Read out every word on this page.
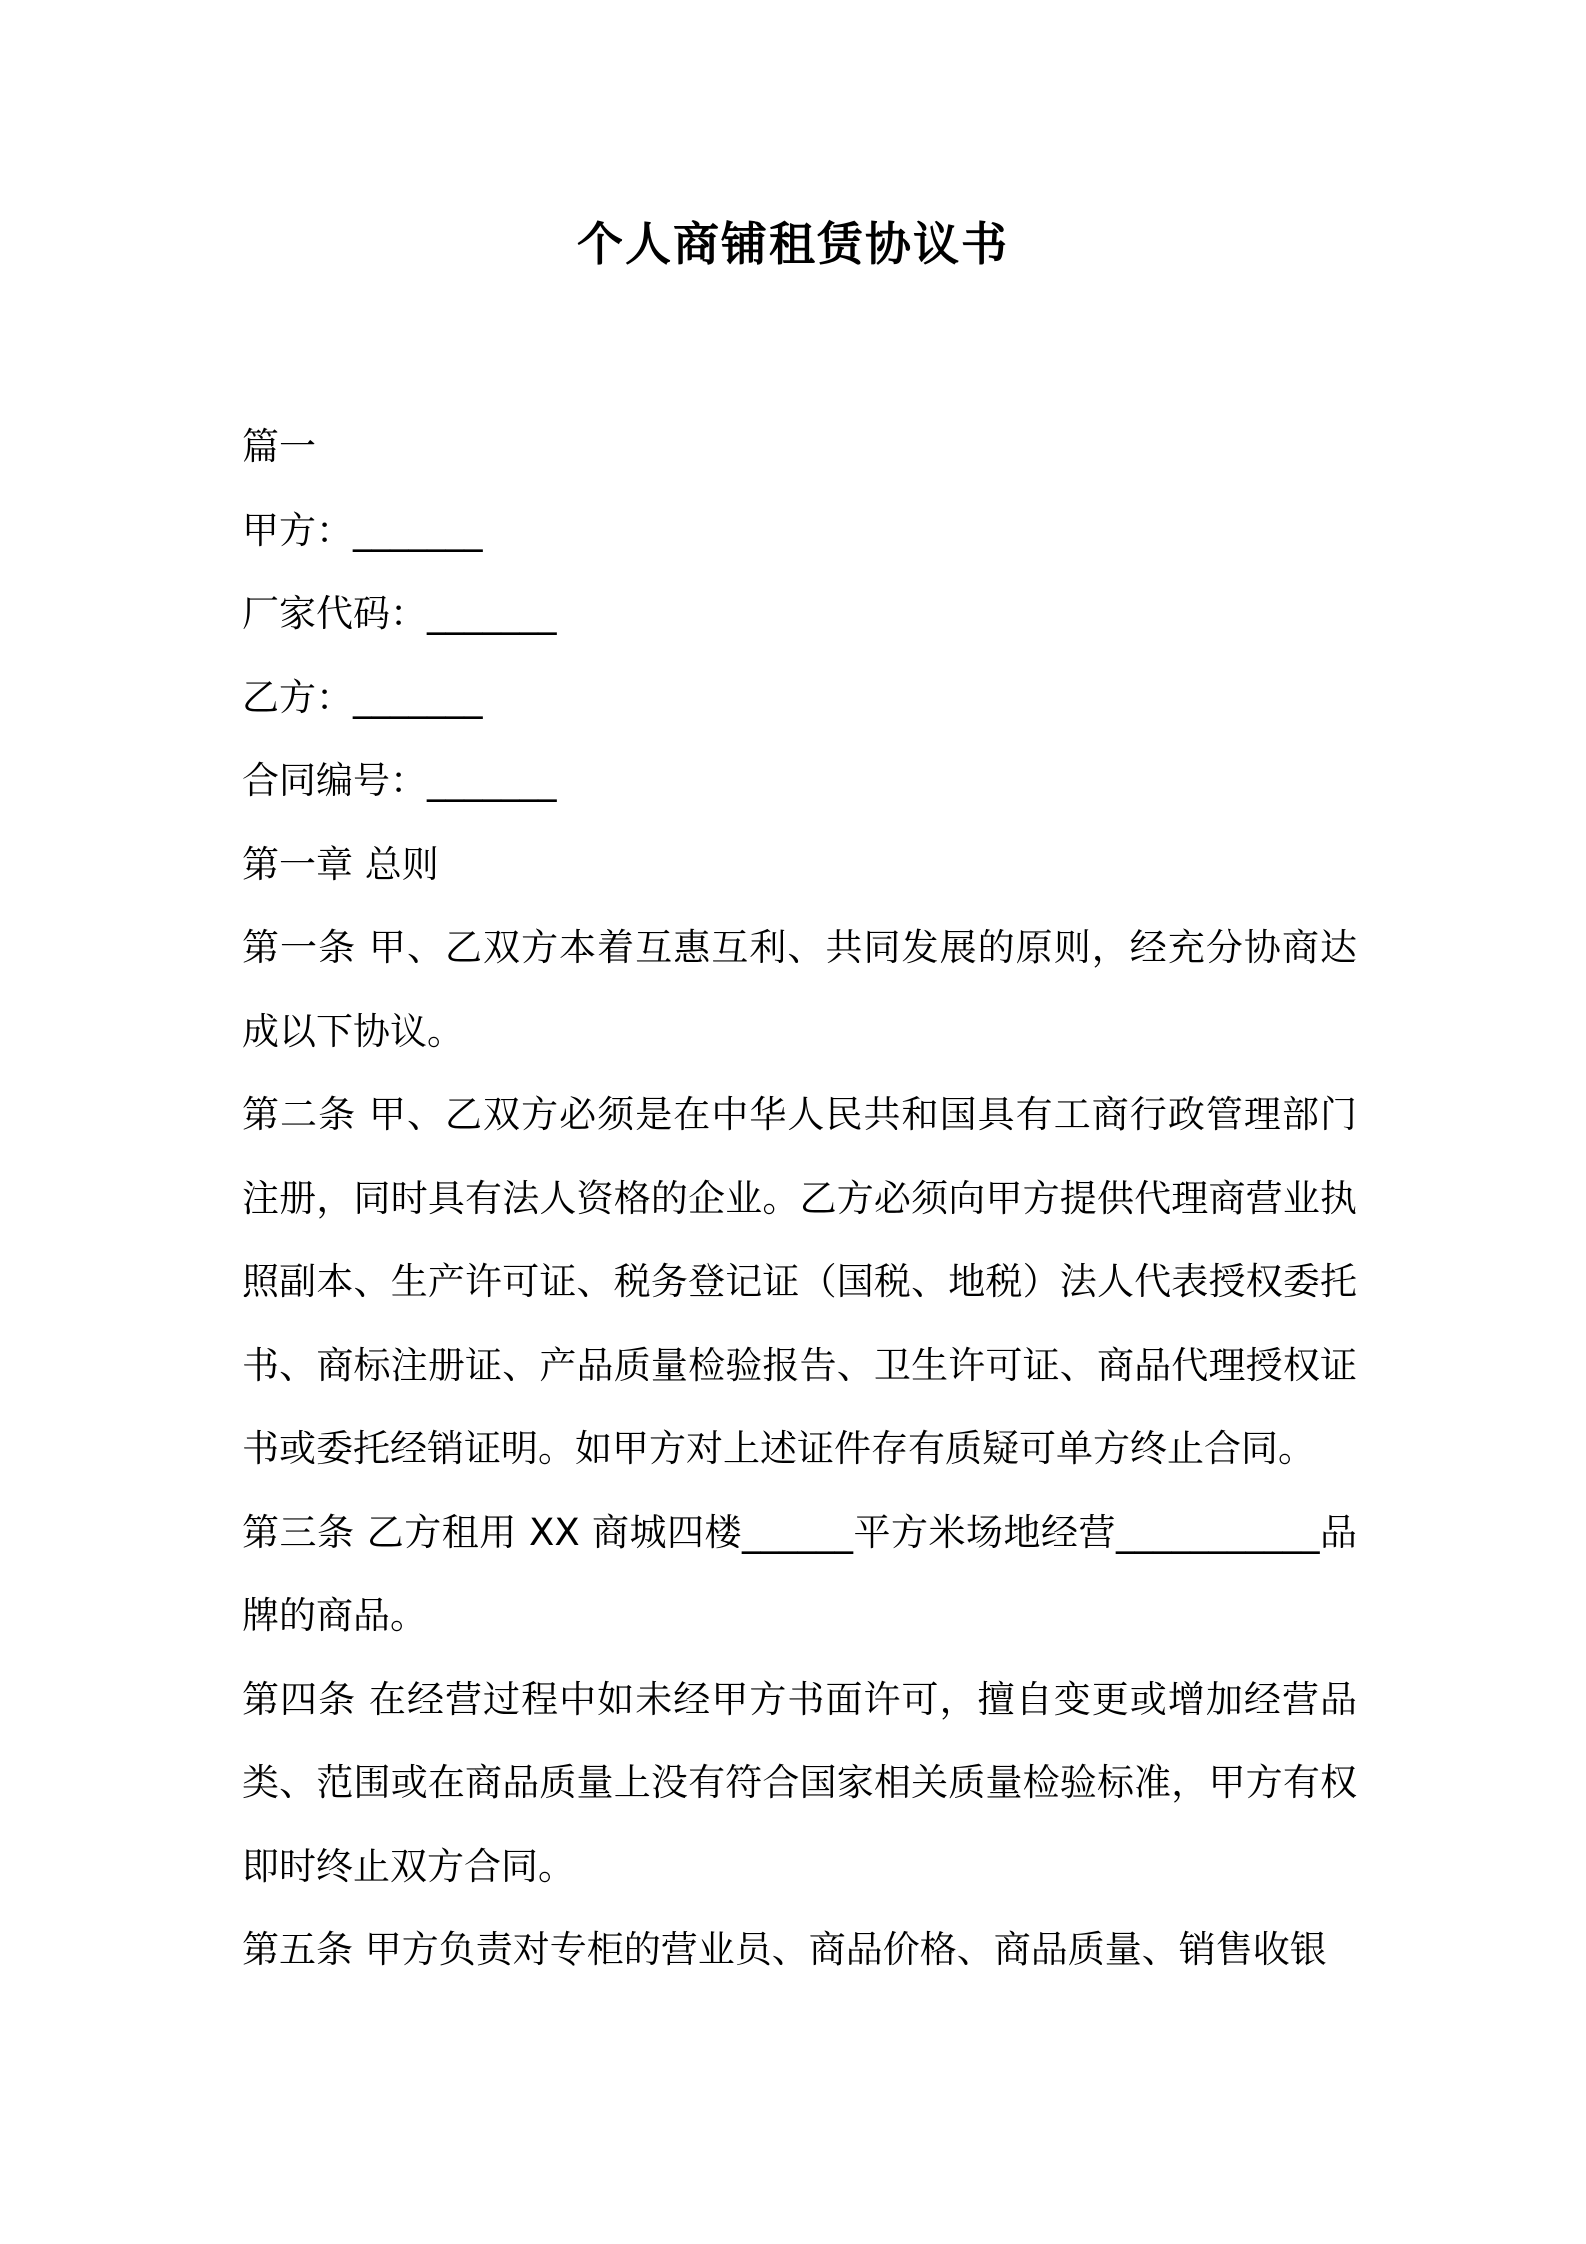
个人商铺租赁协议书
篇一
甲方：_______
厂家代码：_______
乙方：_______
合同编号：_______
第一章 总则
第一条 甲、乙双方本着互惠互利、共同发展的原则，经充分协商达成以下协议。
第二条 甲、乙双方必须是在中华人民共和国具有工商行政管理部门注册，同时具有法人资格的企业。乙方必须向甲方提供代理商营业执照副本、生产许可证、税务登记证（国税、地税）法人代表授权委托书、商标注册证、产品质量检验报告、卫生许可证、商品代理授权证书或委托经销证明。如甲方对上述证件存有质疑可单方终止合同。
第三条 乙方租用 XX 商城四楼______平方米场地经营___________品牌的商品。
第四条 在经营过程中如未经甲方书面许可，擅自变更或增加经营品类、范围或在商品质量上没有符合国家相关质量检验标准，甲方有权即时终止双方合同。
第五条 甲方负责对专柜的营业员、商品价格、商品质量、销售收银
